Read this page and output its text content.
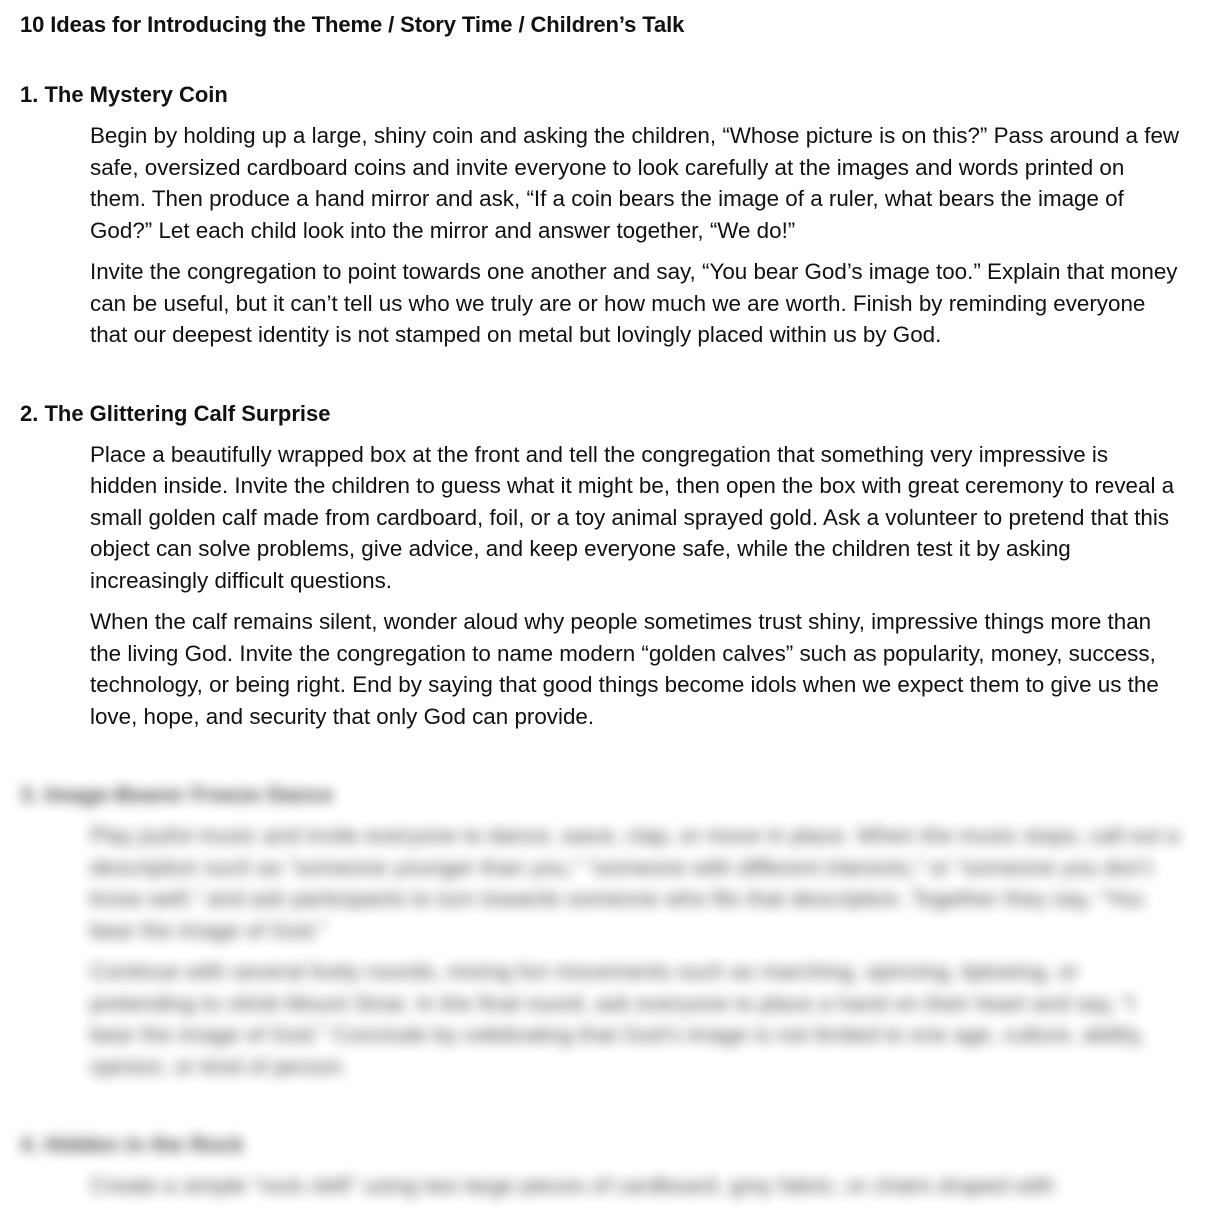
10 Ideas for Introducing the Theme / Story Time / Children’s Talk
1. The Mystery Coin

Begin by holding up a large, shiny coin and asking the children, “Whose picture is on this?” Pass around a few safe, oversized cardboard coins and invite everyone to look carefully at the images and words printed on them. Then produce a hand mirror and ask, “If a coin bears the image of a ruler, what bears the image of God?” Let each child look into the mirror and answer together, “We do!”

Invite the congregation to point towards one another and say, “You bear God’s image too.” Explain that money can be useful, but it can’t tell us who we truly are or how much we are worth. Finish by reminding everyone that our deepest identity is not stamped on metal but lovingly placed within us by God.

2. The Glittering Calf Surprise

Place a beautifully wrapped box at the front and tell the congregation that something very impressive is hidden inside. Invite the children to guess what it might be, then open the box with great ceremony to reveal a small golden calf made from cardboard, foil, or a toy animal sprayed gold. Ask a volunteer to pretend that this object can solve problems, give advice, and keep everyone safe, while the children test it by asking increasingly difficult questions.

When the calf remains silent, wonder aloud why people sometimes trust shiny, impressive things more than the living God. Invite the congregation to name modern “golden calves” such as popularity, money, success, technology, or being right. End by saying that good things become idols when we expect them to give us the love, hope, and security that only God can provide.

3. Image-Bearer Freeze Dance

Play joyful music and invite everyone to dance, wave, clap, or move in place. When the music stops, call out a description such as “someone younger than you,” “someone with different interests,” or “someone you don’t know well,” and ask participants to turn towards someone who fits that description. Together they say, “You bear the image of God.”

Continue with several lively rounds, mixing fun movements such as marching, spinning, tiptoeing, or pretending to climb Mount Sinai. In the final round, ask everyone to place a hand on their heart and say, “I bear the image of God.” Conclude by celebrating that God’s image is not limited to one age, culture, ability, opinion, or kind of person.

4. Hidden in the Rock

Create a simple “rock cleft” using two large pieces of cardboard, grey fabric, or chairs draped with
